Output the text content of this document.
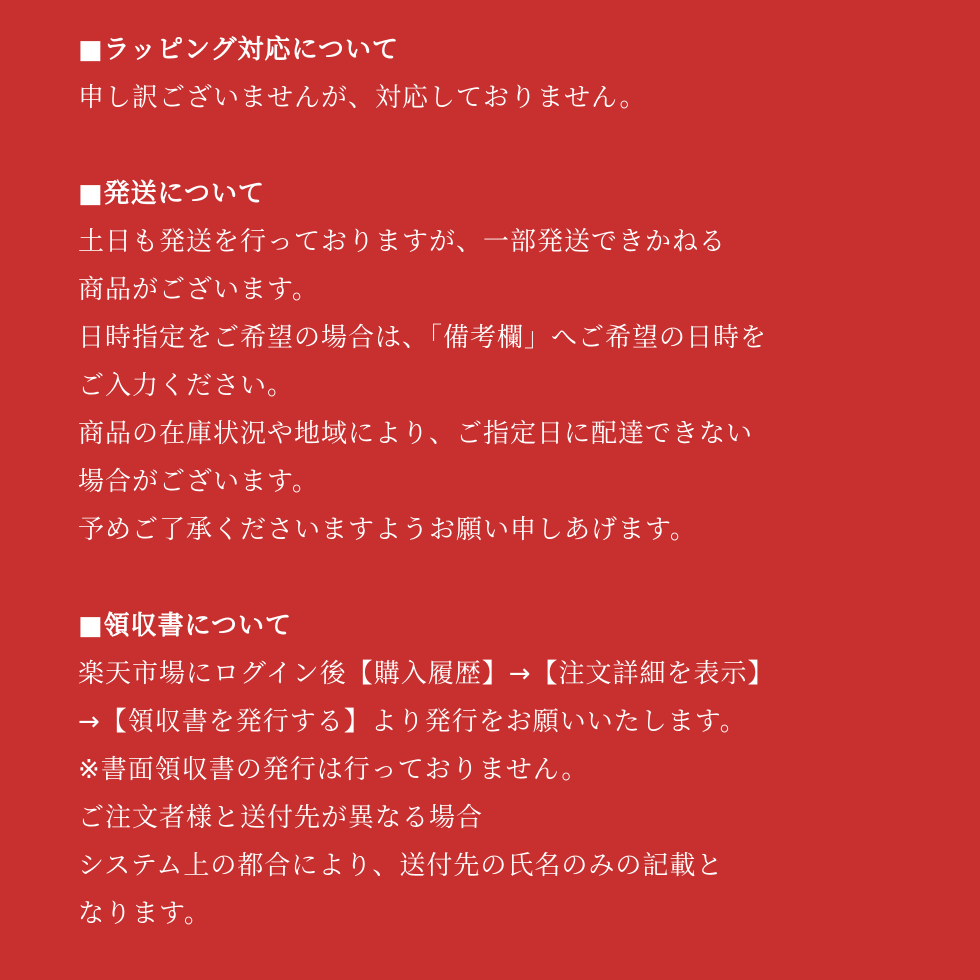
■ラッピング対応について
申し訳ございませんが、対応しておりません。
■発送について
土日も発送を行っておりますが、一部発送できかねる
商品がございます。
日時指定をご希望の場合は、「備考欄」へご希望の日時を
ご入力ください。
商品の在庫状況や地域により、ご指定日に配達できない
場合がございます。
予めご了承くださいますようお願い申しあげます。
■領収書について
楽天市場にログイン後【購入履歴】→【注文詳細を表示】
→【領収書を発行する】より発行をお願いいたします。
※書面領収書の発行は行っておりません。
ご注文者様と送付先が異なる場合
システム上の都合により、送付先の氏名のみの記載と
なります。
